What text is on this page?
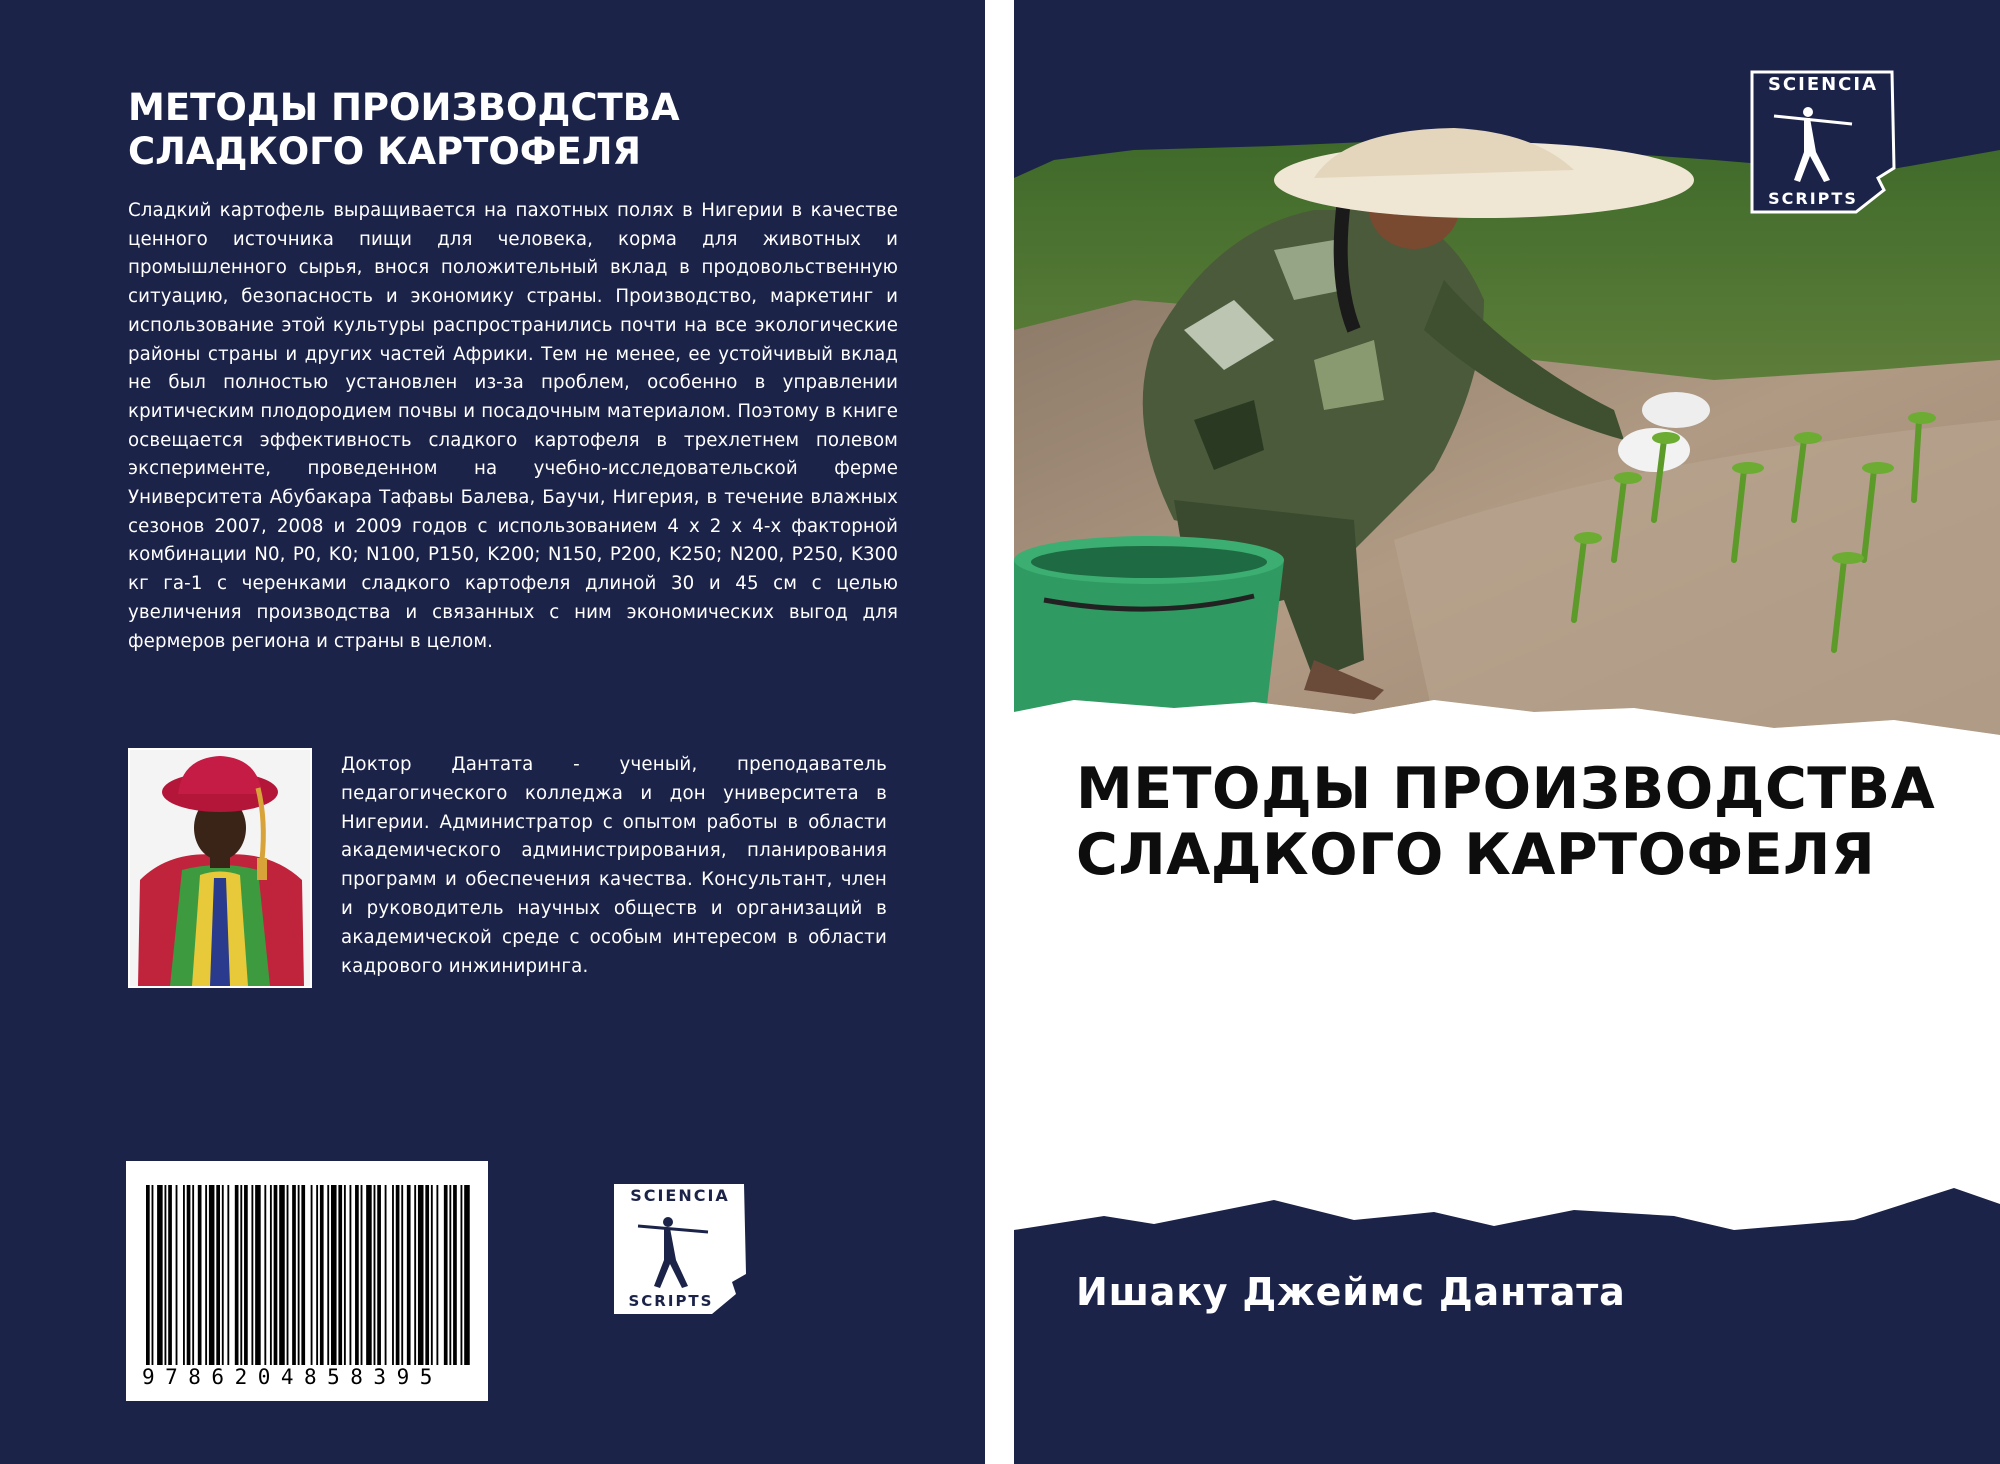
МЕТОДЫ ПРОИЗВОДСТВА
СЛАДКОГО КАРТОФЕЛЯ

Сладкий картофель выращивается на пахотных полях в Нигерии в качестве ценного источника пищи для человека, корма для животных и промышленного сырья, внося положительный вклад в продовольственную ситуацию, безопасность и экономику страны. Производство, маркетинг и использование этой культуры распространились почти на все экологические районы страны и других частей Африки. Тем не менее, ее устойчивый вклад не был полностью установлен из-за проблем, особенно в управлении критическим плодородием почвы и посадочным материалом. Поэтому в книге освещается эффективность сладкого картофеля в трехлетнем полевом эксперименте, проведенном на учебно-исследовательской ферме Университета Абубакара Тафавы Балева, Баучи, Нигерия, в течение влажных сезонов 2007, 2008 и 2009 годов с использованием 4 x 2 x 4-х факторной комбинации N0, P0, K0; N100, P150, K200; N150, P200, K250; N200, P250, K300 кг га-1 с черенками сладкого картофеля длиной 30 и 45 см с целью увеличения производства и связанных с ним экономических выгод для фермеров региона и страны в целом.

Доктор Дантата - ученый, преподаватель педагогического колледжа и дон университета в Нигерии. Администратор с опытом работы в области академического администрирования, планирования программ и обеспечения качества. Консультант, член и руководитель научных обществ и организаций в академической среде с особым интересом в области кадрового инжиниринга.

9786204858395
SCIENCIA
SCRIPTS
SCIENCIA
SCRIPTS
МЕТОДЫ ПРОИЗВОДСТВА
СЛАДКОГО КАРТОФЕЛЯ
Ишаку Джеймс Дантата
